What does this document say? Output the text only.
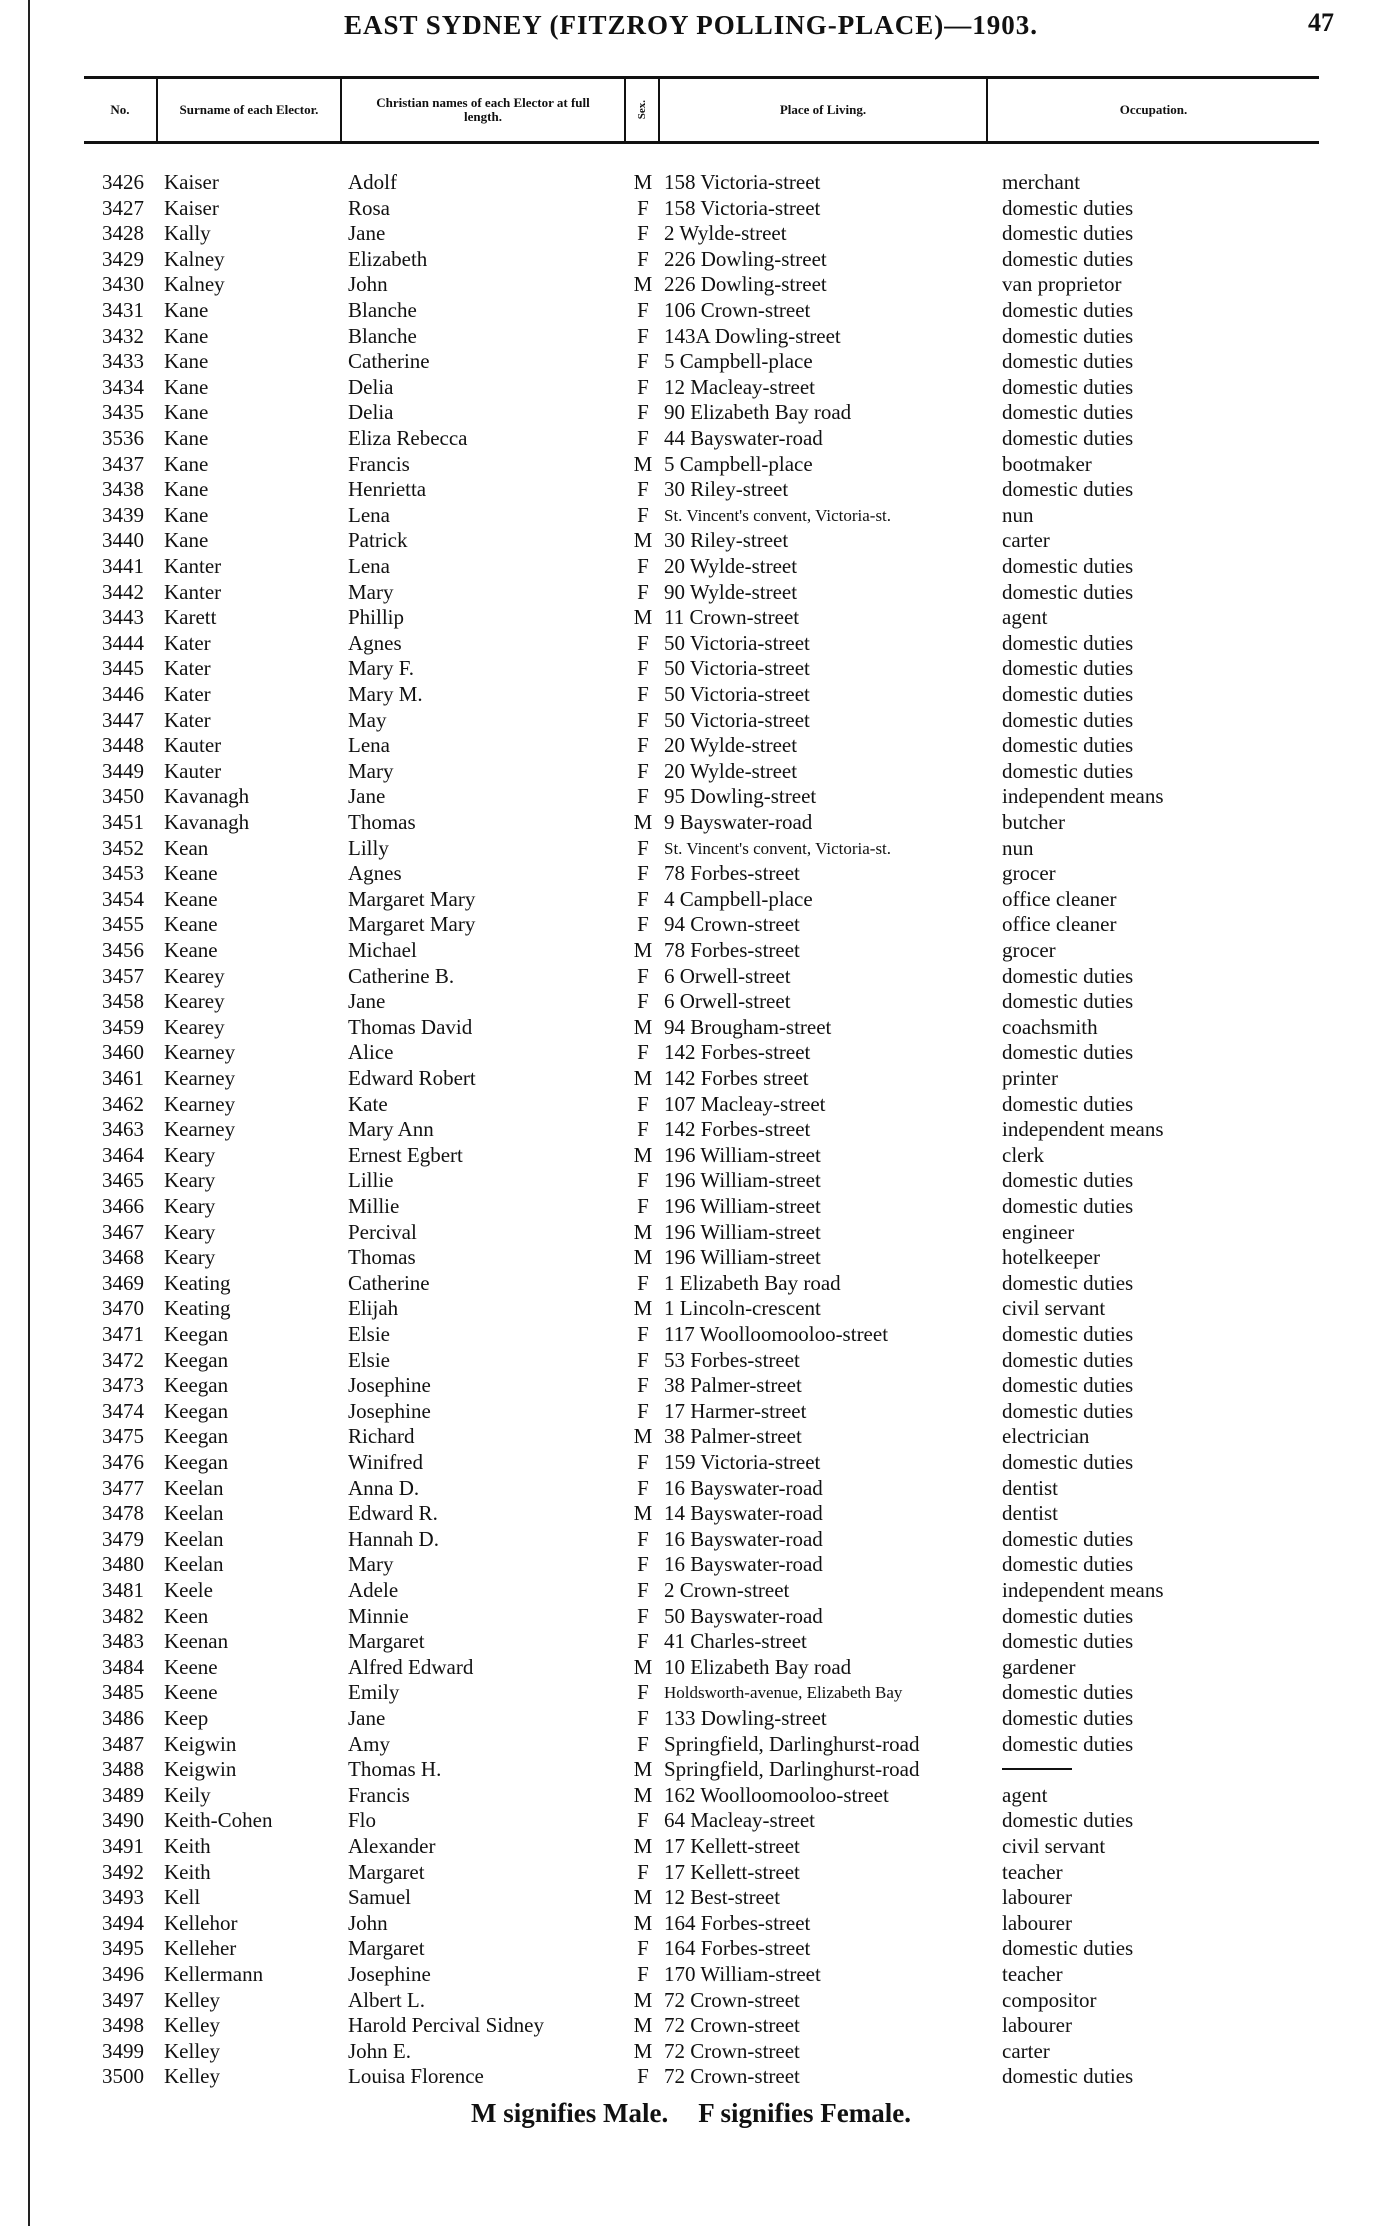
EAST SYDNEY (FITZROY POLLING-PLACE)—1903.	47
No.	Surname of each Elector.	Christian names of each Elector at full length.	Sex.	Place of Living.	Occupation.
3426 Kaiser	Adolf	M 158 Victoria-street	merchant
3427 Kaiser	Rosa	F 158 Victoria-street	domestic duties
3428 Kally	Jane	F 2 Wylde-street	domestic duties
3429 Kalney	Elizabeth	F 226 Dowling-street	domestic duties
3430 Kalney	John	M 226 Dowling-street	van proprietor
3431 Kane	Blanche	F 106 Crown-street	domestic duties
3432 Kane	Blanche	F 143A Dowling-street	domestic duties
3433 Kane	Catherine	F 5 Campbell-place	domestic duties
3434 Kane	Delia	F 12 Macleay-street	domestic duties
3435 Kane	Delia	F 90 Elizabeth Bay road	domestic duties
3536 Kane	Eliza Rebecca	F 44 Bayswater-road	domestic duties
3437 Kane	Francis	M 5 Campbell-place	bootmaker
3438 Kane	Henrietta	F 30 Riley-street	domestic duties
3439 Kane	Lena	F St. Vincent's convent, Victoria-st.	nun
3440 Kane	Patrick	M 30 Riley-street	carter
3441 Kanter	Lena	F 20 Wylde-street	domestic duties
3442 Kanter	Mary	F 90 Wylde-street	domestic duties
3443 Karett	Phillip	M 11 Crown-street	agent
3444 Kater	Agnes	F 50 Victoria-street	domestic duties
3445 Kater	Mary F.	F 50 Victoria-street	domestic duties
3446 Kater	Mary M.	F 50 Victoria-street	domestic duties
3447 Kater	May	F 50 Victoria-street	domestic duties
3448 Kauter	Lena	F 20 Wylde-street	domestic duties
3449 Kauter	Mary	F 20 Wylde-street	domestic duties
3450 Kavanagh	Jane	F 95 Dowling-street	independent means
3451 Kavanagh	Thomas	M 9 Bayswater-road	butcher
3452 Kean	Lilly	F St. Vincent's convent, Victoria-st.	nun
3453 Keane	Agnes	F 78 Forbes-street	grocer
3454 Keane	Margaret Mary	F 4 Campbell-place	office cleaner
3455 Keane	Margaret Mary	F 94 Crown-street	office cleaner
3456 Keane	Michael	M 78 Forbes-street	grocer
3457 Kearey	Catherine B.	F 6 Orwell-street	domestic duties
3458 Kearey	Jane	F 6 Orwell-street	domestic duties
3459 Kearey	Thomas David	M 94 Brougham-street	coachsmith
3460 Kearney	Alice	F 142 Forbes-street	domestic duties
3461 Kearney	Edward Robert	M 142 Forbes street	printer
3462 Kearney	Kate	F 107 Macleay-street	domestic duties
3463 Kearney	Mary Ann	F 142 Forbes-street	independent means
3464 Keary	Ernest Egbert	M 196 William-street	clerk
3465 Keary	Lillie	F 196 William-street	domestic duties
3466 Keary	Millie	F 196 William-street	domestic duties
3467 Keary	Percival	M 196 William-street	engineer
3468 Keary	Thomas	M 196 William-street	hotelkeeper
3469 Keating	Catherine	F 1 Elizabeth Bay road	domestic duties
3470 Keating	Elijah	M 1 Lincoln-crescent	civil servant
3471 Keegan	Elsie	F 117 Woolloomooloo-street	domestic duties
3472 Keegan	Elsie	F 53 Forbes-street	domestic duties
3473 Keegan	Josephine	F 38 Palmer-street	domestic duties
3474 Keegan	Josephine	F 17 Harmer-street	domestic duties
3475 Keegan	Richard	M 38 Palmer-street	electrician
3476 Keegan	Winifred	F 159 Victoria-street	domestic duties
3477 Keelan	Anna D.	F 16 Bayswater-road	dentist
3478 Keelan	Edward R.	M 14 Bayswater-road	dentist
3479 Keelan	Hannah D.	F 16 Bayswater-road	domestic duties
3480 Keelan	Mary	F 16 Bayswater-road	domestic duties
3481 Keele	Adele	F 2 Crown-street	independent means
3482 Keen	Minnie	F 50 Bayswater-road	domestic duties
3483 Keenan	Margaret	F 41 Charles-street	domestic duties
3484 Keene	Alfred Edward	M 10 Elizabeth Bay road	gardener
3485 Keene	Emily	F Holdsworth-avenue, Elizabeth Bay	domestic duties
3486 Keep	Jane	F 133 Dowling-street	domestic duties
3487 Keigwin	Amy	F Springfield, Darlinghurst-road	domestic duties
3488 Keigwin	Thomas H.	M Springfield, Darlinghurst-road
3489 Keily	Francis	M 162 Woolloomooloo-street	agent
3490 Keith-Cohen	Flo	F 64 Macleay-street	domestic duties
3491 Keith	Alexander	M 17 Kellett-street	civil servant
3492 Keith	Margaret	F 17 Kellett-street	teacher
3493 Kell	Samuel	M 12 Best-street	labourer
3494 Kellehor	John	M 164 Forbes-street	labourer
3495 Kelleher	Margaret	F 164 Forbes-street	domestic duties
3496 Kellermann	Josephine	F 170 William-street	teacher
3497 Kelley	Albert L.	M 72 Crown-street	compositor
3498 Kelley	Harold Percival Sidney	M 72 Crown-street	labourer
3499 Kelley	John E.	M 72 Crown-street	carter
3500 Kelley	Louisa Florence	F 72 Crown-street	domestic duties
M signifies Male. F signifies Female.
